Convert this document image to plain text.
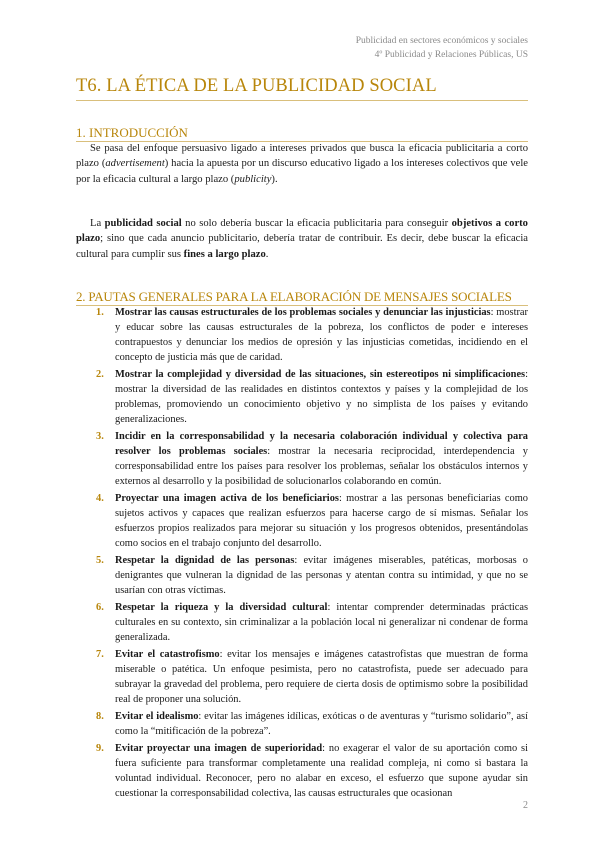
Publicidad en sectores económicos y sociales
4º Publicidad y Relaciones Públicas, US
T6. LA ÉTICA DE LA PUBLICIDAD SOCIAL
1. INTRODUCCIÓN

Se pasa del enfoque persuasivo ligado a intereses privados que busca la eficacia publicitaria a corto plazo (advertisement) hacia la apuesta por un discurso educativo ligado a los intereses colectivos que vele por la eficacia cultural a largo plazo (publicity).

La publicidad social no solo debería buscar la eficacia publicitaria para conseguir objetivos a corto plazo; sino que cada anuncio publicitario, debería tratar de contribuir. Es decir, debe buscar la eficacia cultural para cumplir sus fines a largo plazo.

2. PAUTAS GENERALES PARA LA ELABORACIÓN DE MENSAJES SOCIALES
1. Mostrar las causas estructurales de los problemas sociales y denunciar las injusticias: mostrar y educar sobre las causas estructurales de la pobreza, los conflictos de poder e intereses contrapuestos y denunciar los medios de opresión y las injusticias cometidas, incidiendo en el concepto de justicia más que de caridad.
2. Mostrar la complejidad y diversidad de las situaciones, sin estereotipos ni simplificaciones: mostrar la diversidad de las realidades en distintos contextos y países y la complejidad de los problemas, promoviendo un conocimiento objetivo y no simplista de los países y evitando generalizaciones.
3. Incidir en la corresponsabilidad y la necesaria colaboración individual y colectiva para resolver los problemas sociales: mostrar la necesaria reciprocidad, interdependencia y corresponsabilidad entre los países para resolver los problemas, señalar los obstáculos internos y externos al desarrollo y la posibilidad de solucionarlos colaborando en común.
4. Proyectar una imagen activa de los beneficiarios: mostrar a las personas beneficiarias como sujetos activos y capaces que realizan esfuerzos para hacerse cargo de sí mismas. Señalar los esfuerzos propios realizados para mejorar su situación y los progresos obtenidos, presentándolas como socios en el trabajo conjunto del desarrollo.
5. Respetar la dignidad de las personas: evitar imágenes miserables, patéticas, morbosas o denigrantes que vulneran la dignidad de las personas y atentan contra su intimidad, y que no se usarían con otras víctimas.
6. Respetar la riqueza y la diversidad cultural: intentar comprender determinadas prácticas culturales en su contexto, sin criminalizar a la población local ni generalizar ni condenar de forma generalizada.
7. Evitar el catastrofismo: evitar los mensajes e imágenes catastrofistas que muestran de forma miserable o patética. Un enfoque pesimista, pero no catastrofista, puede ser adecuado para subrayar la gravedad del problema, pero requiere de cierta dosis de optimismo sobre la posibilidad real de proponer una solución.
8. Evitar el idealismo: evitar las imágenes idílicas, exóticas o de aventuras y “turismo solidario”, así como la “mitificación de la pobreza”.
9. Evitar proyectar una imagen de superioridad: no exagerar el valor de su aportación como si fuera suficiente para transformar completamente una realidad compleja, ni como si bastara la voluntad individual. Reconocer, pero no alabar en exceso, el esfuerzo que supone ayudar sin cuestionar la corresponsabilidad colectiva, las causas estructurales que ocasionan
2
